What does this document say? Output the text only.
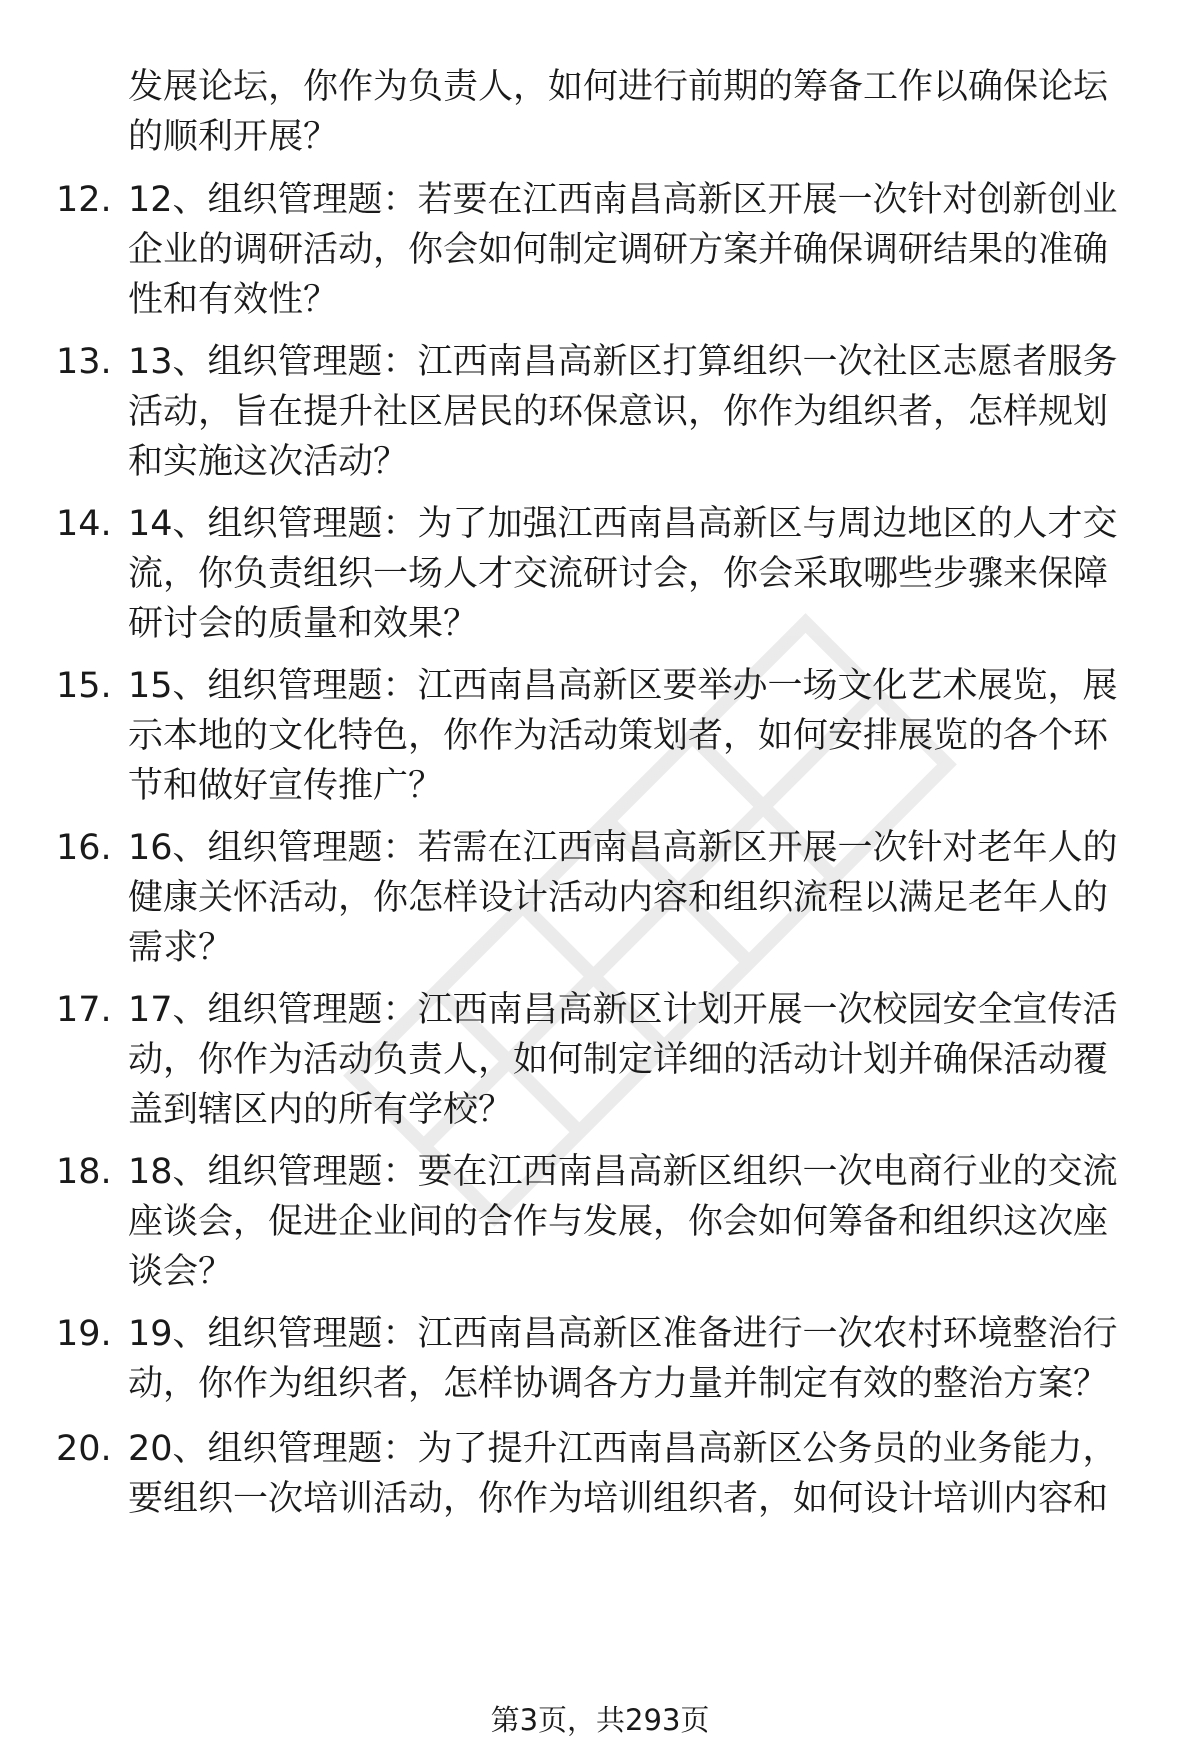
发展论坛，你作为负责人，如何进行前期的筹备工作以确保论坛的顺利开展？
12. 12、组织管理题：若要在江西南昌高新区开展一次针对创新创业企业的调研活动，你会如何制定调研方案并确保调研结果的准确性和有效性？
13. 13、组织管理题：江西南昌高新区打算组织一次社区志愿者服务活动，旨在提升社区居民的环保意识，你作为组织者，怎样规划和实施这次活动？
14. 14、组织管理题：为了加强江西南昌高新区与周边地区的人才交流，你负责组织一场人才交流研讨会，你会采取哪些步骤来保障研讨会的质量和效果？
15. 15、组织管理题：江西南昌高新区要举办一场文化艺术展览，展示本地的文化特色，你作为活动策划者，如何安排展览的各个环节和做好宣传推广？
16. 16、组织管理题：若需在江西南昌高新区开展一次针对老年人的健康关怀活动，你怎样设计活动内容和组织流程以满足老年人的需求？
17. 17、组织管理题：江西南昌高新区计划开展一次校园安全宣传活动，你作为活动负责人，如何制定详细的活动计划并确保活动覆盖到辖区内的所有学校？
18. 18、组织管理题：要在江西南昌高新区组织一次电商行业的交流座谈会，促进企业间的合作与发展，你会如何筹备和组织这次座谈会？
19. 19、组织管理题：江西南昌高新区准备进行一次农村环境整治行动，你作为组织者，怎样协调各方力量并制定有效的整治方案？
20. 20、组织管理题：为了提升江西南昌高新区公务员的业务能力，要组织一次培训活动，你作为培训组织者，如何设计培训内容和
第3页，共293页
